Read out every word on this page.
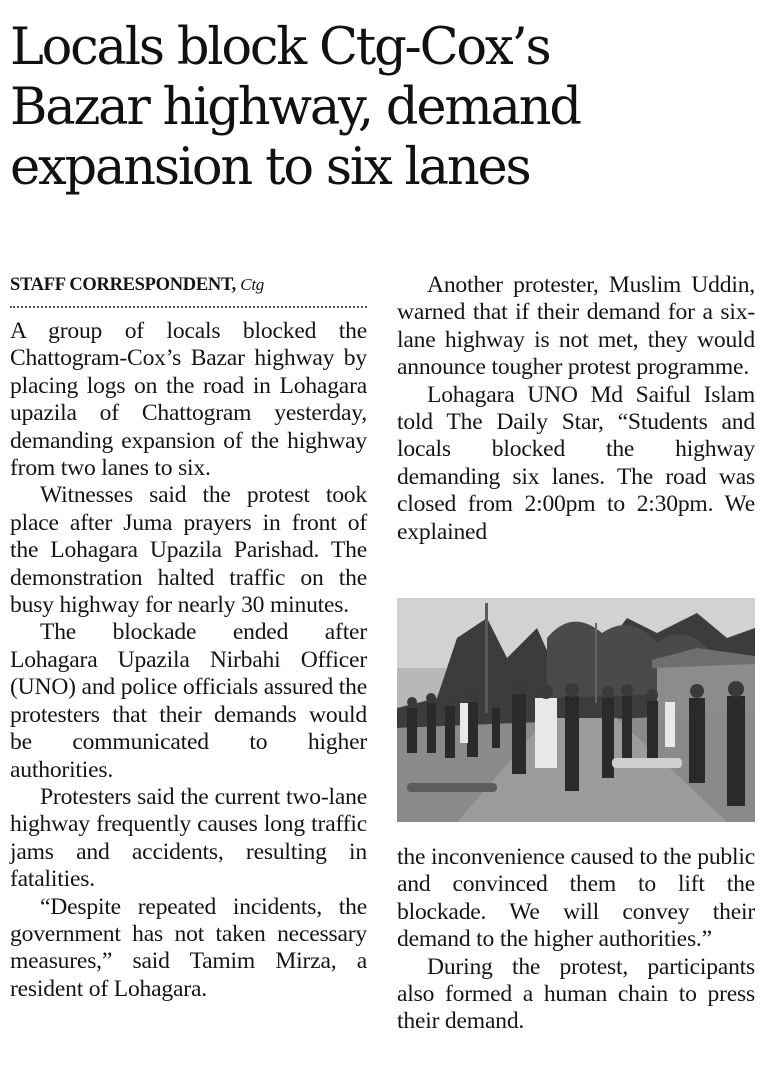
Locals block Ctg-Cox’s
Bazar highway, demand
expansion to six lanes
STAFF CORRESPONDENT, Ctg

A group of locals blocked the Chattogram-Cox’s Bazar highway by placing logs on the road in Lohagara upazila of Chattogram yesterday, demanding expansion of the highway from two lanes to six.

Witnesses said the protest took place after Juma prayers in front of the Lohagara Upazila Parishad. The demonstration halted traffic on the busy highway for nearly 30 minutes.

The blockade ended after Lohagara Upazila Nirbahi Officer (UNO) and police officials assured the protesters that their demands would be communicated to higher authorities.

Protesters said the current two-lane highway frequently causes long traffic jams and accidents, resulting in fatalities.

“Despite repeated incidents, the government has not taken necessary measures,” said Tamim Mirza, a resident of Lohagara.

Another protester, Muslim Uddin, warned that if their demand for a six-lane highway is not met, they would announce tougher protest programme.

Lohagara UNO Md Saiful Islam told The Daily Star, “Students and locals blocked the highway demanding six lanes. The road was closed from 2:00pm to 2:30pm. We explained

the inconvenience caused to the public and convinced them to lift the blockade. We will convey their demand to the higher authorities.”

During the protest, participants also formed a human chain to press their demand.
